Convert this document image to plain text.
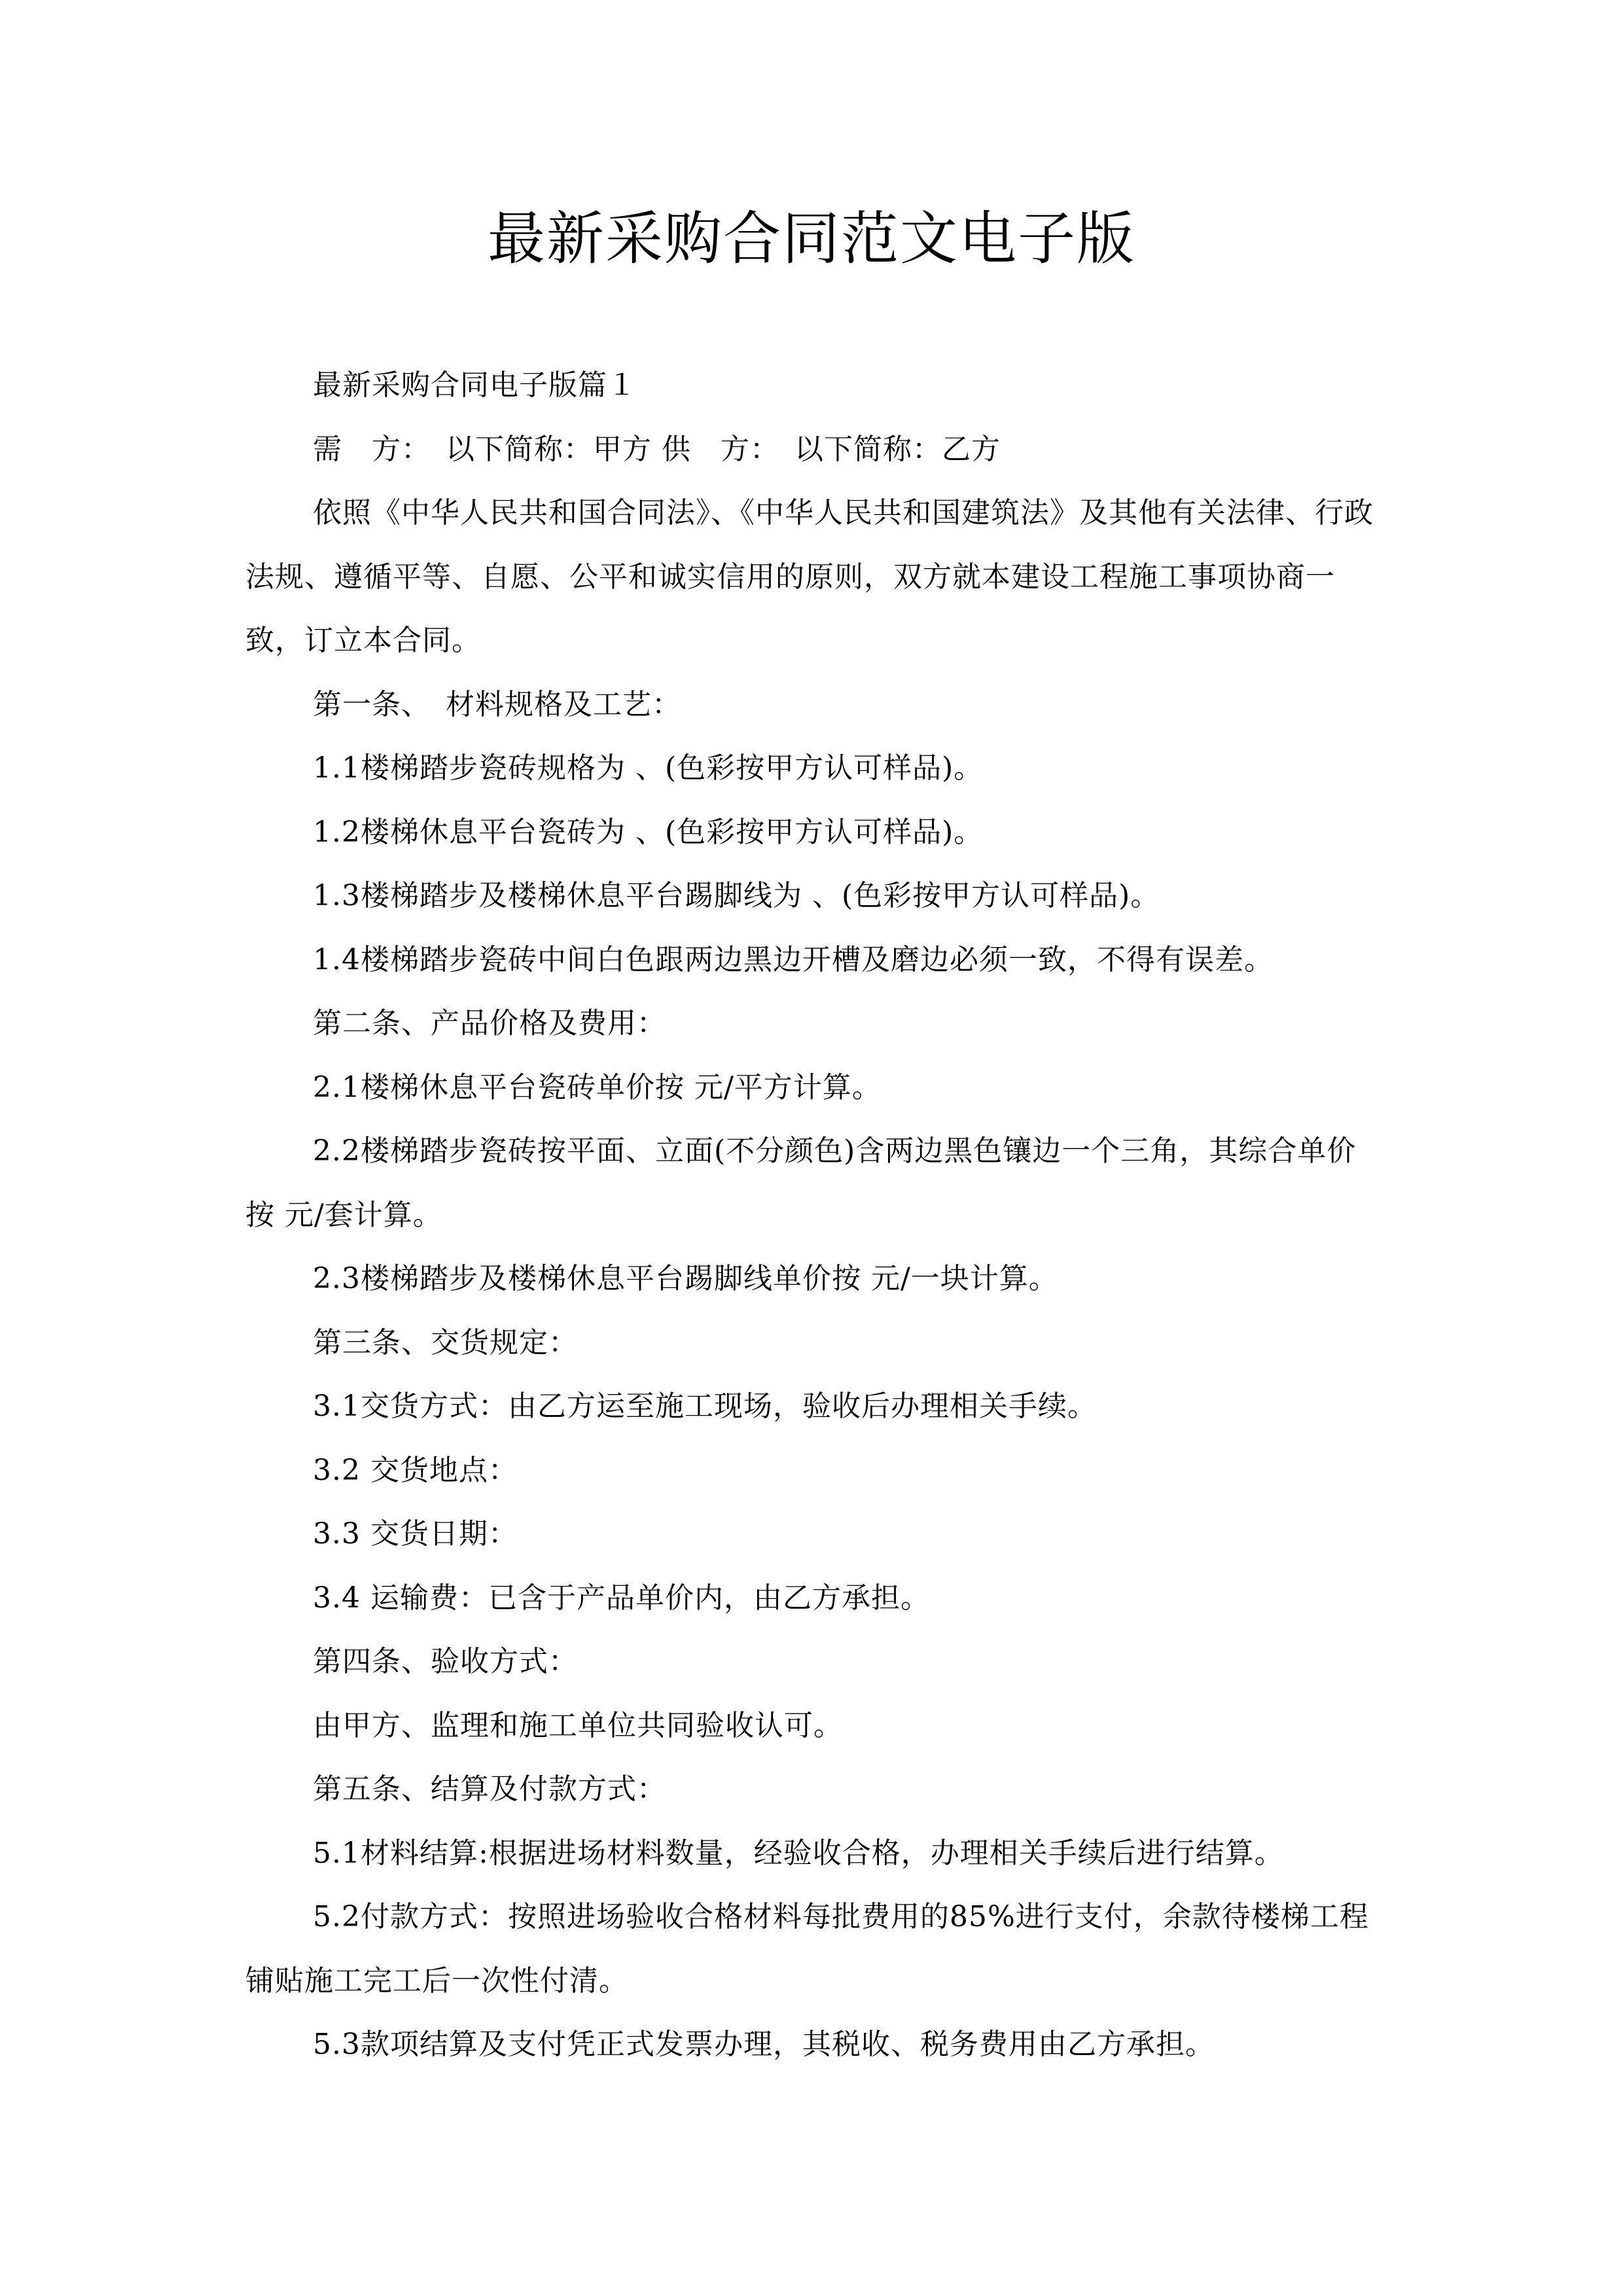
最新采购合同范文电子版

最新采购合同电子版篇１

需　方：　以下简称：甲方 供　方：　以下简称：乙方

依照《中华人民共和国合同法》、《中华人民共和国建筑法》及其他有关法律、行政法规、遵循平等、自愿、公平和诚实信用的原则，双方就本建设工程施工事项协商一致，订立本合同。

第一条、　材料规格及工艺：

1.1楼梯踏步瓷砖规格为 、(色彩按甲方认可样品)。

1.2楼梯休息平台瓷砖为 、(色彩按甲方认可样品)。

1.3楼梯踏步及楼梯休息平台踢脚线为 、(色彩按甲方认可样品)。

1.4楼梯踏步瓷砖中间白色跟两边黑边开槽及磨边必须一致，不得有误差。

第二条、产品价格及费用：

2.1楼梯休息平台瓷砖单价按 元/平方计算。

2.2楼梯踏步瓷砖按平面、立面(不分颜色)含两边黑色镶边一个三角，其综合单价按 元/套计算。

2.3楼梯踏步及楼梯休息平台踢脚线单价按 元/一块计算。

第三条、交货规定：

3.1交货方式：由乙方运至施工现场，验收后办理相关手续。

3.2 交货地点：

3.3 交货日期：

3.4 运输费：已含于产品单价内，由乙方承担。

第四条、验收方式：

由甲方、监理和施工单位共同验收认可。

第五条、结算及付款方式：

5.1材料结算:根据进场材料数量，经验收合格，办理相关手续后进行结算。

5.2付款方式：按照进场验收合格材料每批费用的85%进行支付，余款待楼梯工程铺贴施工完工后一次性付清。

5.3款项结算及支付凭正式发票办理，其税收、税务费用由乙方承担。
